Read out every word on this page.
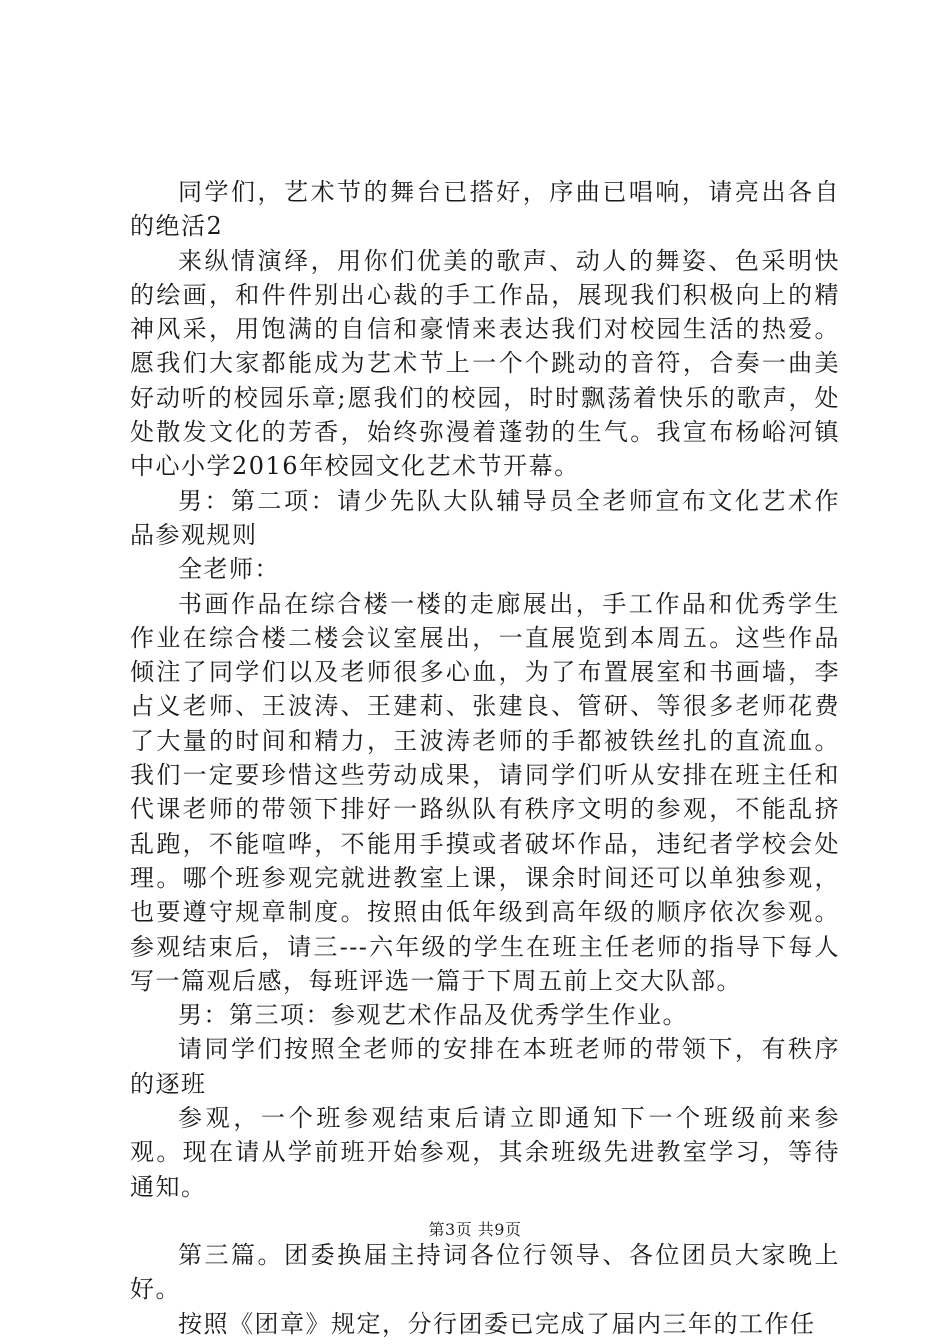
同学们，艺术节的舞台已搭好，序曲已唱响，请亮出各自的绝活2

来纵情演绎，用你们优美的歌声、动人的舞姿、色采明快的绘画，和件件别出心裁的手工作品，展现我们积极向上的精神风采，用饱满的自信和豪情来表达我们对校园生活的热爱。愿我们大家都能成为艺术节上一个个跳动的音符，合奏一曲美好动听的校园乐章;愿我们的校园，时时飘荡着快乐的歌声，处处散发文化的芳香，始终弥漫着蓬勃的生气。我宣布杨峪河镇中心小学2016年校园文化艺术节开幕。

男：第二项：请少先队大队辅导员全老师宣布文化艺术作品参观规则

全老师：

书画作品在综合楼一楼的走廊展出，手工作品和优秀学生作业在综合楼二楼会议室展出，一直展览到本周五。这些作品倾注了同学们以及老师很多心血，为了布置展室和书画墙，李占义老师、王波涛、王建莉、张建良、管研、等很多老师花费了大量的时间和精力，王波涛老师的手都被铁丝扎的直流血。我们一定要珍惜这些劳动成果，请同学们听从安排在班主任和代课老师的带领下排好一路纵队有秩序文明的参观，不能乱挤乱跑，不能喧哗，不能用手摸或者破坏作品，违纪者学校会处理。哪个班参观完就进教室上课，课余时间还可以单独参观，也要遵守规章制度。按照由低年级到高年级的顺序依次参观。参观结束后，请三---六年级的学生在班主任老师的指导下每人写一篇观后感，每班评选一篇于下周五前上交大队部。

男：第三项：参观艺术作品及优秀学生作业。

请同学们按照全老师的安排在本班老师的带领下，有秩序的逐班

参观，一个班参观结束后请立即通知下一个班级前来参观。现在请从学前班开始参观，其余班级先进教室学习，等待通知。

第三篇。团委换届主持词各位行领导、各位团员大家晚上好。

按照《团章》规定，分行团委已完成了届内三年的工作任

第3页 共9页
